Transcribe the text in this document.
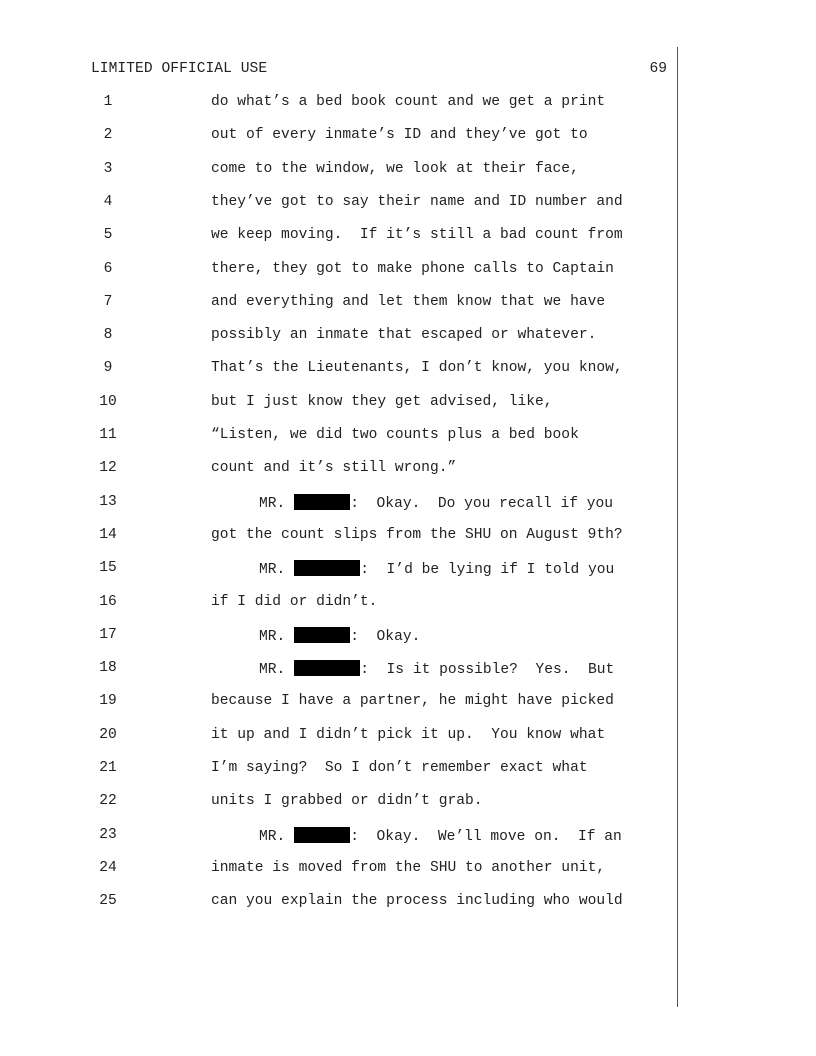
LIMITED OFFICIAL USE	69
1	do what’s a bed book count and we get a print
2	out of every inmate’s ID and they’ve got to
3	come to the window, we look at their face,
4	they’ve got to say their name and ID number and
5	we keep moving.  If it’s still a bad count from
6	there, they got to make phone calls to Captain
7	and everything and let them know that we have
8	possibly an inmate that escaped or whatever.
9	That’s the Lieutenants, I don’t know, you know,
10	but I just know they get advised, like,
11	“Listen, we did two counts plus a bed book
12	count and it’s still wrong.”
13	MR.	:  Okay.  Do you recall if you
14	got the count slips from the SHU on August 9th?
15	MR.	:  I’d be lying if I told you
16	if I did or didn’t.
17	MR.	:  Okay.
18	MR.	:  Is it possible?  Yes.  But
19	because I have a partner, he might have picked
20	it up and I didn’t pick it up.  You know what
21	I’m saying?  So I don’t remember exact what
22	units I grabbed or didn’t grab.
23	MR.	:  Okay.  We’ll move on.  If an
24	inmate is moved from the SHU to another unit,
25	can you explain the process including who would
